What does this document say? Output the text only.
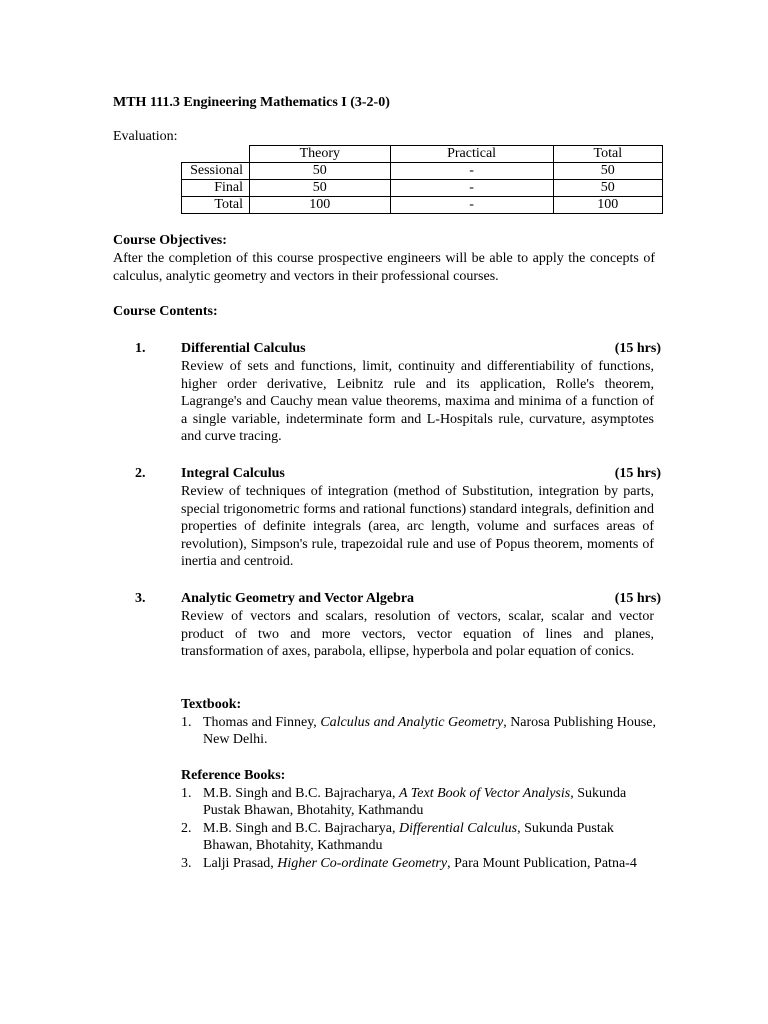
MTH 111.3 Engineering Mathematics I (3-2-0)
Evaluation:
	Theory	Practical	Total
Sessional	50	-	50
Final	50	-	50
Total	100	-	100
Course Objectives:
After the completion of this course prospective engineers will be able to apply the concepts of calculus, analytic geometry and vectors in their professional courses.
Course Contents:
1.	Differential Calculus	(15 hrs)
Review of sets and functions, limit, continuity and differentiability of functions, higher order derivative, Leibnitz rule and its application, Rolle's theorem, Lagrange's and Cauchy mean value theorems, maxima and minima of a function of a single variable, indeterminate form and L-Hospitals rule, curvature, asymptotes and curve tracing.
2.	Integral Calculus	(15 hrs)
Review of techniques of integration (method of Substitution, integration by parts, special trigonometric forms and rational functions) standard integrals, definition and properties of definite integrals (area, arc length, volume and surfaces areas of revolution), Simpson's rule, trapezoidal rule and use of Popus theorem, moments of inertia and centroid.
3.	Analytic Geometry and Vector Algebra	(15 hrs)
Review of vectors and scalars, resolution of vectors, scalar, scalar and vector product of two and more vectors, vector equation of lines and planes, transformation of axes, parabola, ellipse, hyperbola and polar equation of conics.
Textbook:
1. Thomas and Finney, Calculus and Analytic Geometry, Narosa Publishing House, New Delhi.
Reference Books:
1. M.B. Singh and B.C. Bajracharya, A Text Book of Vector Analysis, Sukunda Pustak Bhawan, Bhotahity, Kathmandu
2. M.B. Singh and B.C. Bajracharya, Differential Calculus, Sukunda Pustak Bhawan, Bhotahity, Kathmandu
3. Lalji Prasad, Higher Co-ordinate Geometry, Para Mount Publication, Patna-4
